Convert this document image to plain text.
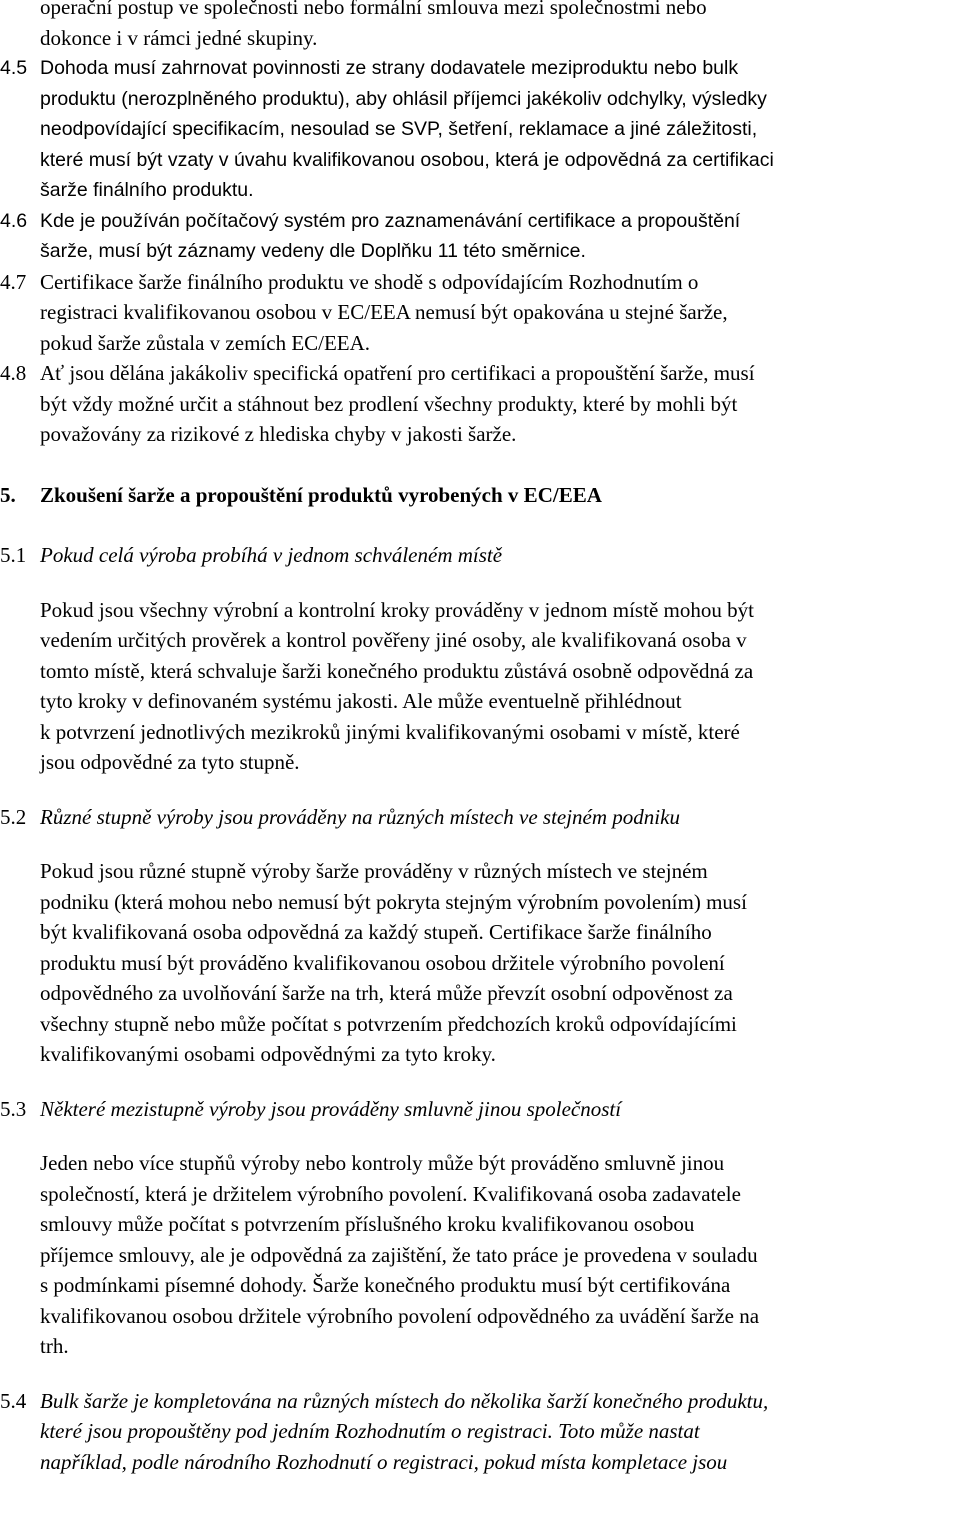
operační postup ve společnosti nebo formální smlouva mezi společnostmi nebo
dokonce i v rámci jedné skupiny.
4.5 Dohoda musí zahrnovat povinnosti ze strany dodavatele meziproduktu nebo bulk
produktu (nerozplněného produktu), aby ohlásil příjemci jakékoliv odchylky, výsledky
neodpovídající specifikacím, nesoulad se SVP, šetření, reklamace a jiné záležitosti,
které musí být vzaty v úvahu kvalifikovanou osobou, která je odpovědná za certifikaci
šarže finálního produktu.
4.6 Kde je používán počítačový systém pro zaznamenávání certifikace a propouštění
šarže, musí být záznamy vedeny dle Doplňku 11 této směrnice.
4.7 Certifikace šarže finálního produktu ve shodě s odpovídajícím Rozhodnutím o
registraci kvalifikovanou osobou v EC/EEA nemusí být opakována u stejné šarže,
pokud šarže zůstala v zemích EC/EEA.
4.8 Ať jsou dělána jakákoliv specifická opatření pro certifikaci a propouštění šarže, musí
být vždy možné určit a stáhnout bez prodlení všechny produkty, které by mohli být
považovány za rizikové z hlediska chyby v jakosti šarže.
5. Zkoušení šarže a propouštění produktů vyrobených v EC/EEA
5.1 Pokud celá výroba probíhá v jednom schváleném místě
Pokud jsou všechny výrobní a kontrolní kroky prováděny v jednom místě mohou být
vedením určitých prověrek a kontrol pověřeny jiné osoby, ale kvalifikovaná osoba v
tomto místě, která schvaluje šarži konečného produktu zůstává osobně odpovědná za
tyto kroky v definovaném systému jakosti. Ale může eventuelně přihlédnout
k potvrzení jednotlivých mezikroků jinými kvalifikovanými osobami v místě, které
jsou odpovědné za tyto stupně.
5.2 Různé stupně výroby jsou prováděny na různých místech ve stejném podniku
Pokud jsou různé stupně výroby šarže prováděny v různých místech ve stejném
podniku (která mohou nebo nemusí být pokryta stejným výrobním povolením) musí
být kvalifikovaná osoba odpovědná za každý stupeň. Certifikace šarže finálního
produktu musí být prováděno kvalifikovanou osobou držitele výrobního povolení
odpovědného za uvolňování šarže na trh, která může převzít osobní odpověnost za
všechny stupně nebo může počítat s potvrzením předchozích kroků odpovídajícími
kvalifikovanými osobami odpovědnými za tyto kroky.
5.3 Některé mezistupně výroby jsou prováděny smluvně jinou společností
Jeden nebo více stupňů výroby nebo kontroly může být prováděno smluvně jinou
společností, která je držitelem výrobního povolení. Kvalifikovaná osoba zadavatele
smlouvy může počítat s potvrzením příslušného kroku kvalifikovanou osobou
příjemce smlouvy, ale je odpovědná za zajištění, že tato práce je provedena v souladu
s podmínkami písemné dohody. Šarže konečného produktu musí být certifikována
kvalifikovanou osobou držitele výrobního povolení odpovědného za uvádění šarže na
trh.
5.4 Bulk šarže je kompletována na různých místech do několika šarží konečného produktu,
které jsou propouštěny pod jedním Rozhodnutím o registraci. Toto může nastat
například, podle národního Rozhodnutí o registraci, pokud místa kompletace jsou
